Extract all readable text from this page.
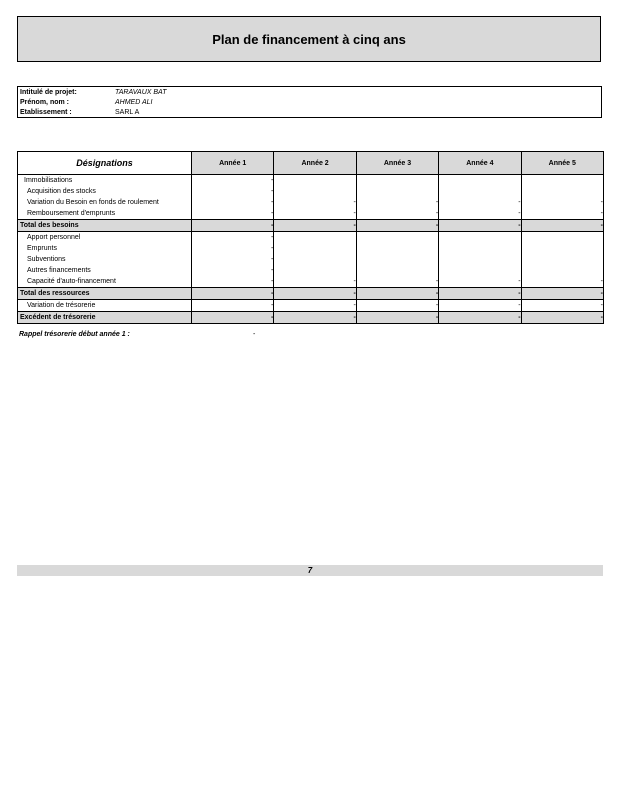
Plan de financement à cinq ans
Intitulé de projet:	TARAVAUX BAT
Prénom, nom :	AHMED ALI
Etablissement :	SARL A
Désignations	Année 1	Année 2	Année 3	Année 4	Année 5
Immobilisations	-				
Acquisition des stocks	-				
Variation du Besoin en fonds de roulement	-	-	-	-	-
Remboursement d'emprunts	-	-	-	-	-
Total des besoins	-	-	-	-	-
Apport personnel	-				
Emprunts	-				
Subventions	-				
Autres financements	-				
Capacité d'auto-financement	-	-	-	-	-
Total des ressources	-	-	-	-	-
Variation de trésorerie	-	-	-	-	-
Excédent de trésorerie	-	-	-	-	-
Rappel trésorerie début année 1 :	-
7
